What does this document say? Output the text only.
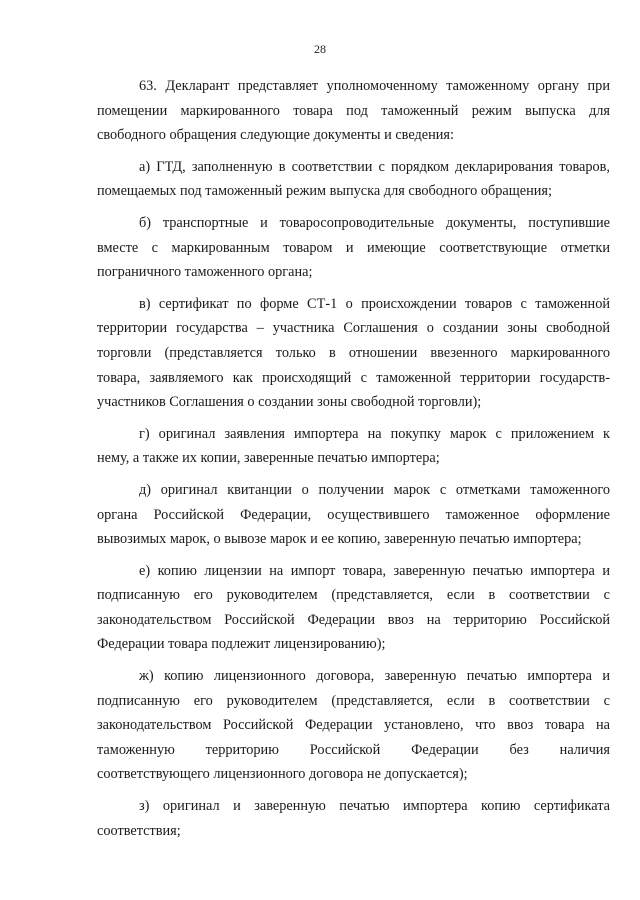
28

63. Декларант представляет уполномоченному таможенному органу при
помещении маркированного товара под таможенный режим выпуска для
свободного обращения следующие документы и сведения:

а) ГТД, заполненную в соответствии с порядком декларирования товаров,
помещаемых под таможенный режим выпуска для свободного обращения;

б) транспортные и товаросопроводительные документы, поступившие
вместе с маркированным товаром и имеющие соответствующие отметки
пограничного таможенного органа;

в) сертификат по форме СТ-1 о происхождении товаров с таможенной
территории государства – участника Соглашения о создании зоны свободной
торговли (представляется только в отношении ввезенного маркированного
товара, заявляемого как происходящий с таможенной территории государств-
участников Соглашения о создании зоны свободной торговли);

г) оригинал заявления импортера на покупку марок с приложением к
нему, а также их копии, заверенные печатью импортера;

д) оригинал квитанции о получении марок с отметками таможенного
органа Российской Федерации, осуществившего таможенное оформление
вывозимых марок, о вывозе марок и ее копию, заверенную печатью импортера;

е) копию лицензии на импорт товара, заверенную печатью импортера и
подписанную его руководителем (представляется, если в соответствии с
законодательством Российской Федерации ввоз на территорию Российской
Федерации товара подлежит лицензированию);

ж) копию лицензионного договора, заверенную печатью импортера и
подписанную его руководителем (представляется, если в соответствии с
законодательством Российской Федерации установлено, что ввоз товара на
таможенную территорию Российской Федерации без наличия
соответствующего лицензионного договора не допускается);

з) оригинал и заверенную печатью импортера копию сертификата
соответствия;
